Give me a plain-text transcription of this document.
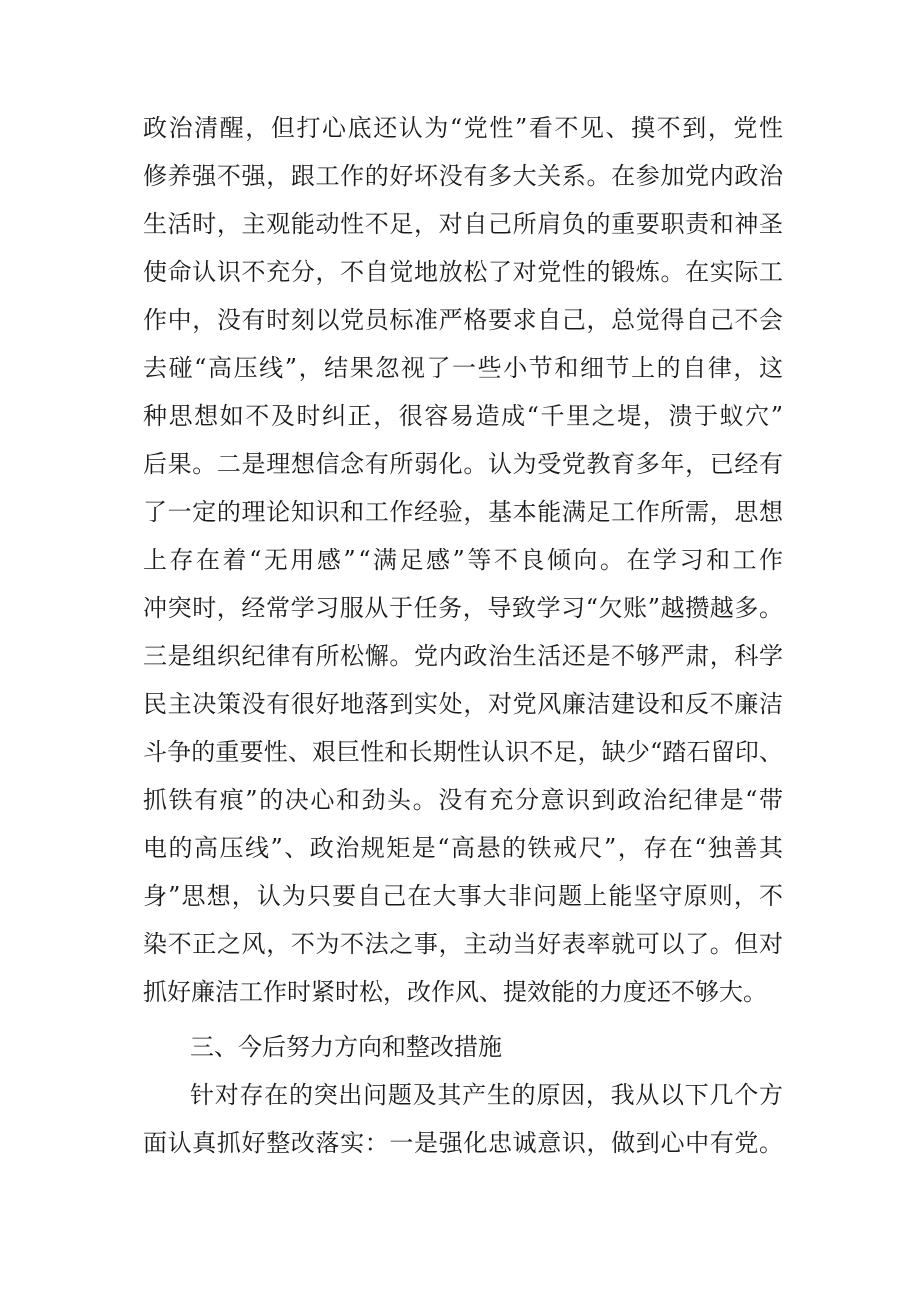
政治清醒，但打心底还认为“党性”看不见、摸不到，党性
修养强不强，跟工作的好坏没有多大关系。在参加党内政治
生活时，主观能动性不足，对自己所肩负的重要职责和神圣
使命认识不充分，不自觉地放松了对党性的锻炼。在实际工
作中，没有时刻以党员标准严格要求自己，总觉得自己不会
去碰“高压线”，结果忽视了一些小节和细节上的自律，这
种思想如不及时纠正，很容易造成“千里之堤，溃于蚁穴”
后果。二是理想信念有所弱化。认为受党教育多年，已经有
了一定的理论知识和工作经验，基本能满足工作所需，思想
上存在着“无用感”“满足感”等不良倾向。在学习和工作
冲突时，经常学习服从于任务，导致学习“欠账”越攒越多。
三是组织纪律有所松懈。党内政治生活还是不够严肃，科学
民主决策没有很好地落到实处，对党风廉洁建设和反不廉洁
斗争的重要性、艰巨性和长期性认识不足，缺少“踏石留印、
抓铁有痕”的决心和劲头。没有充分意识到政治纪律是“带
电的高压线”、政治规矩是“高悬的铁戒尺”，存在“独善其
身”思想，认为只要自己在大事大非问题上能坚守原则，不
染不正之风，不为不法之事，主动当好表率就可以了。但对
抓好廉洁工作时紧时松，改作风、提效能的力度还不够大。
三、今后努力方向和整改措施
针对存在的突出问题及其产生的原因，我从以下几个方
面认真抓好整改落实：一是强化忠诚意识，做到心中有党。
